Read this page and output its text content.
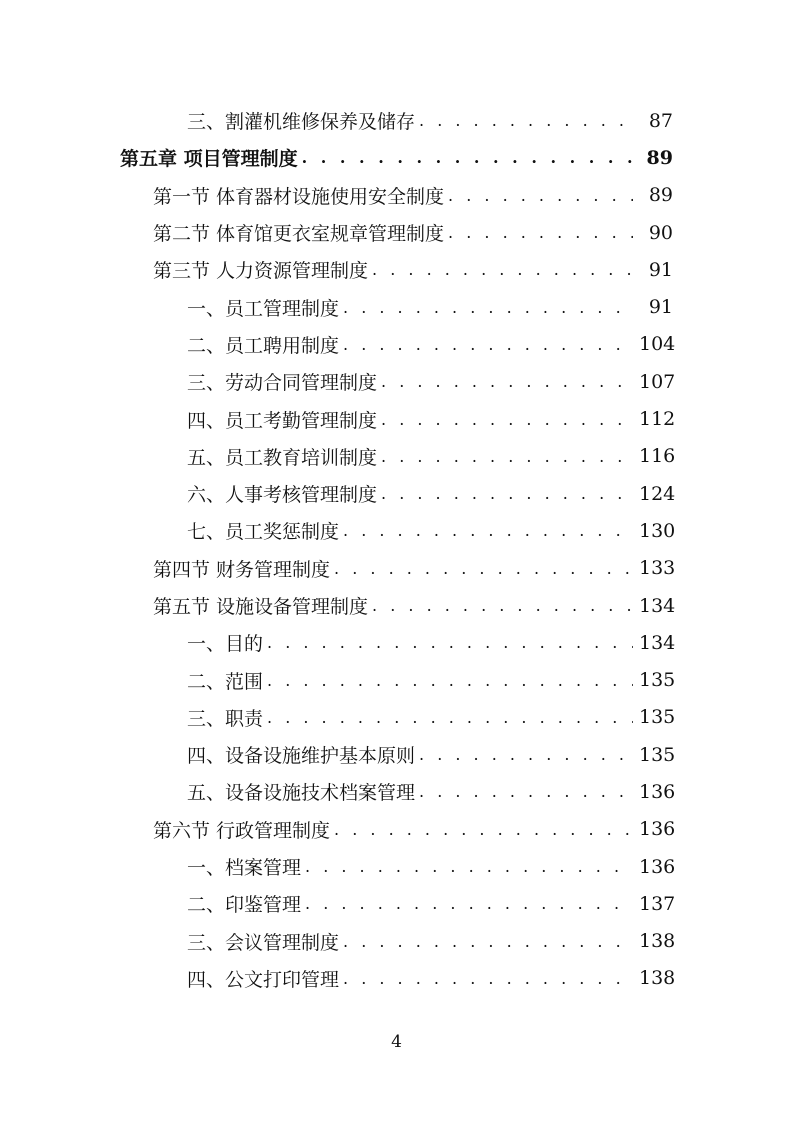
三、割灌机维修保养及储存 . . .	87
第五章 项目管理制度 . . .	89
第一节 体育器材设施使用安全制度 . . .	89
第二节 体育馆更衣室规章管理制度 . . .	90
第三节 人力资源管理制度 . . .	91
一、员工管理制度 . . .	91
二、员工聘用制度 . . .	104
三、劳动合同管理制度 . . .	107
四、员工考勤管理制度 . . .	112
五、员工教育培训制度 . . .	116
六、人事考核管理制度 . . .	124
七、员工奖惩制度 . . .	130
第四节 财务管理制度 . . .	133
第五节 设施设备管理制度 . . .	134
一、目的 . . .	134
二、范围 . . .	135
三、职责 . . .	135
四、设备设施维护基本原则 . . .	135
五、设备设施技术档案管理 . . .	136
第六节 行政管理制度 . . .	136
一、档案管理 . . .	136
二、印鉴管理 . . .	137
三、会议管理制度 . . .	138
四、公文打印管理 . . .	138
4
